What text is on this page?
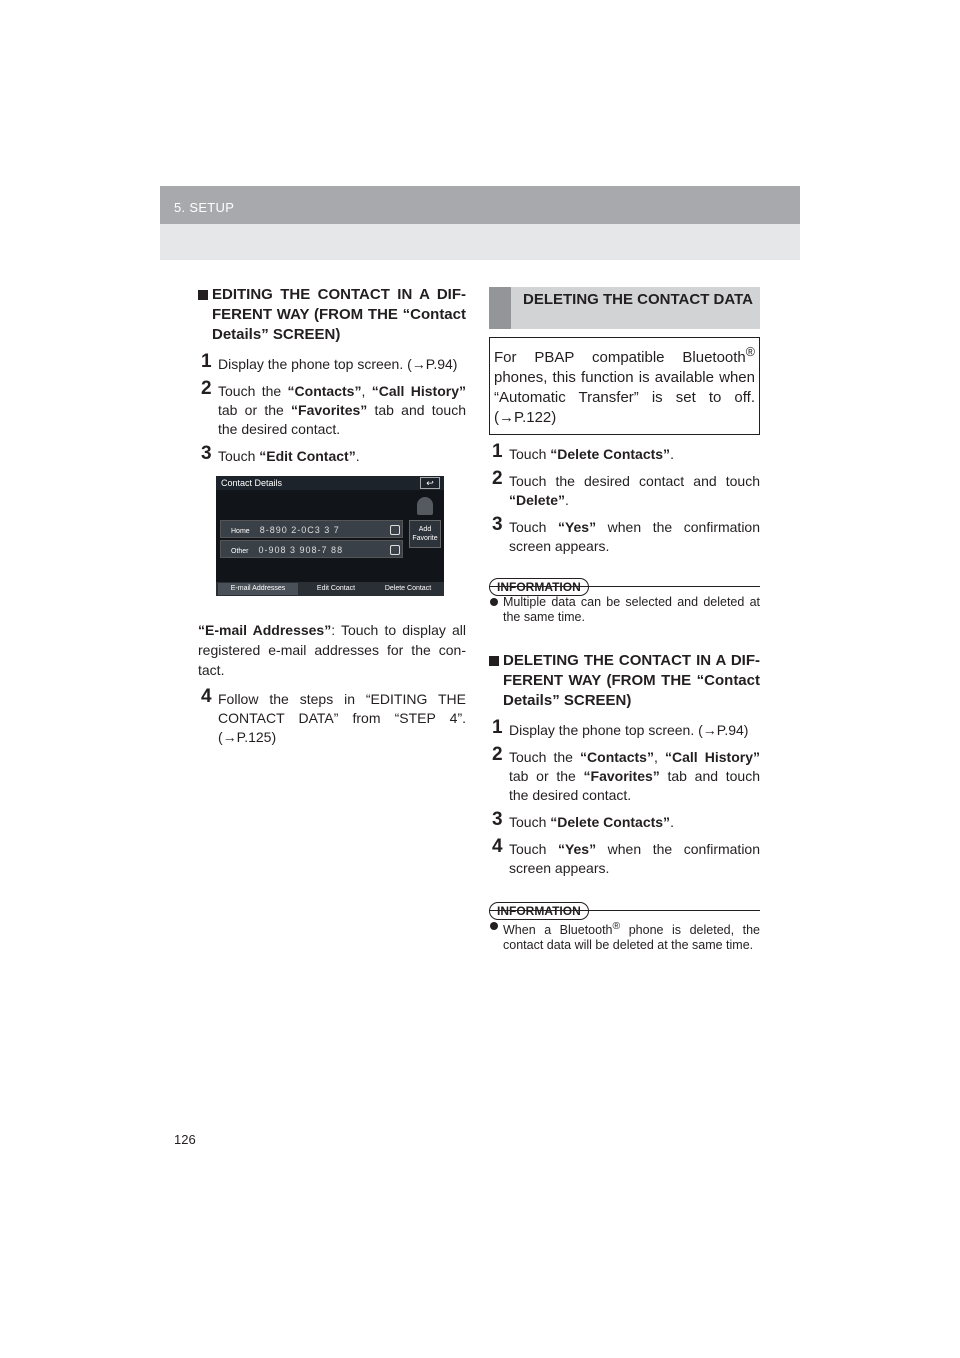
5. SETUP
EDITING THE CONTACT IN A DIF-FERENT WAY (FROM THE “Contact Details” SCREEN)
1 Display the phone top screen. (→P.94)
2 Touch the “Contacts”, “Call History” tab or the “Favorites” tab and touch the desired contact.
3 Touch “Edit Contact”.
Contact Details	↩
Home 8-890 2-0C3 3 7
Other 0-908 3 908-7 88
Add
Favorite
E-mail Addresses	Edit Contact	Delete Contact
“E-mail Addresses”: Touch to display all registered e-mail addresses for the con-tact.
4 Follow the steps in “EDITING THE CONTACT DATA” from “STEP 4”. (→P.125)
DELETING THE CONTACT DATA
For PBAP compatible Bluetooth® phones, this function is available when “Automatic Transfer” is set to off. (→P.122)
1 Touch “Delete Contacts”.
2 Touch the desired contact and touch “Delete”.
3 Touch “Yes” when the confirmation screen appears.
INFORMATION
Multiple data can be selected and deleted at the same time.
DELETING THE CONTACT IN A DIF-FERENT WAY (FROM THE “Contact Details” SCREEN)
1 Display the phone top screen. (→P.94)
2 Touch the “Contacts”, “Call History” tab or the “Favorites” tab and touch the desired contact.
3 Touch “Delete Contacts”.
4 Touch “Yes” when the confirmation screen appears.
INFORMATION
When a Bluetooth® phone is deleted, the contact data will be deleted at the same time.
126
